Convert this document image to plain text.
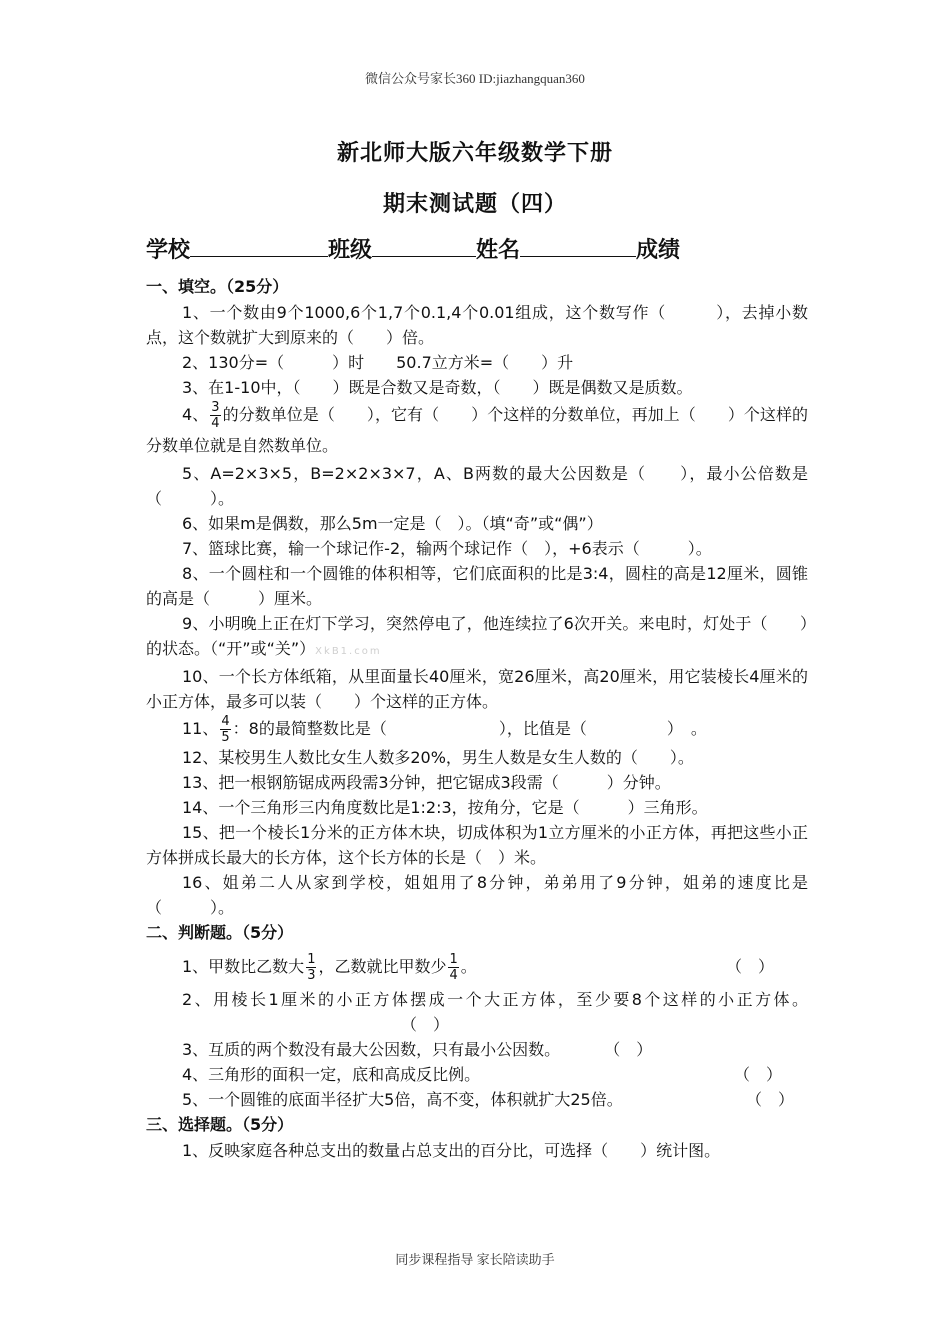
微信公众号家长360 ID:jiazhangquan360
新北师大版六年级数学下册
期末测试题（四）
学校	班级	姓名	成绩
一、填空。（25分）

1、一个数由9个1000,6个1,7个0.1,4个0.01组成，这个数写作（　　　），去掉小数点，这个数就扩大到原来的（　　）倍。

2、130分=（　　　）时　　50.7立方米=（　　）升

3、在1-10中，（　　）既是合数又是奇数，（　　）既是偶数又是质数。

4、 $\frac{3}{4}$ 的分数单位是（　　），它有（　　）个这样的分数单位，再加上（　　）个这样的分数单位就是自然数单位。

5、A=2×3×5，B=2×2×3×7，A、B两数的最大公因数是（　　），最小公倍数是（　　　）。

6、如果m是偶数，那么5m一定是（　）。（填“奇”或“偶”）

7、篮球比赛，输一个球记作-2，输两个球记作（　），+6表示（　　　）。

8、一个圆柱和一个圆锥的体积相等，它们底面积的比是3:4，圆柱的高是12厘米，圆锥的高是（　　　）厘米。

9、小明晚上正在灯下学习，突然停电了，他连续拉了6次开关。来电时，灯处于（　　）的状态。（“开”或“关”）XkB1.com

10、一个长方体纸箱，从里面量长40厘米，宽26厘米，高20厘米，用它装棱长4厘米的小正方体，最多可以装（　　）个这样的正方体。

11、 $\frac{4}{5}$ ：8的最简整数比是（　　　　　　　），比值是（　　　　　）　。

12、某校男生人数比女生人数多20%，男生人数是女生人数的（　　）。

13、把一根钢筋锯成两段需3分钟，把它锯成3段需（　　　）分钟。

14、一个三角形三内角度数比是1:2:3，按角分，它是（　　　）三角形。

15、把一个棱长1分米的正方体木块，切成体积为1立方厘米的小正方体，再把这些小正方体拼成长最大的长方体，这个长方体的长是（　）米。

16、姐弟二人从家到学校，姐姐用了8分钟，弟弟用了9分钟，姐弟的速度比是（　　　）。

二、判断题。（5分）

1、甲数比乙数大 $\frac{1}{3}$ ，乙数就比甲数少 $\frac{1}{4}$ 。	（　）

2、用棱长1厘米的小正方体摆成一个大正方体，至少要8个这样的小正方体。（　）

3、互质的两个数没有最大公因数，只有最小公因数。	（　）

4、三角形的面积一定，底和高成反比例。	（　）

5、一个圆锥的底面半径扩大5倍，高不变，体积就扩大25倍。	（　）

三、选择题。（5分）

1、反映家庭各种总支出的数量占总支出的百分比，可选择（　　）统计图。

同步课程指导 家长陪读助手
